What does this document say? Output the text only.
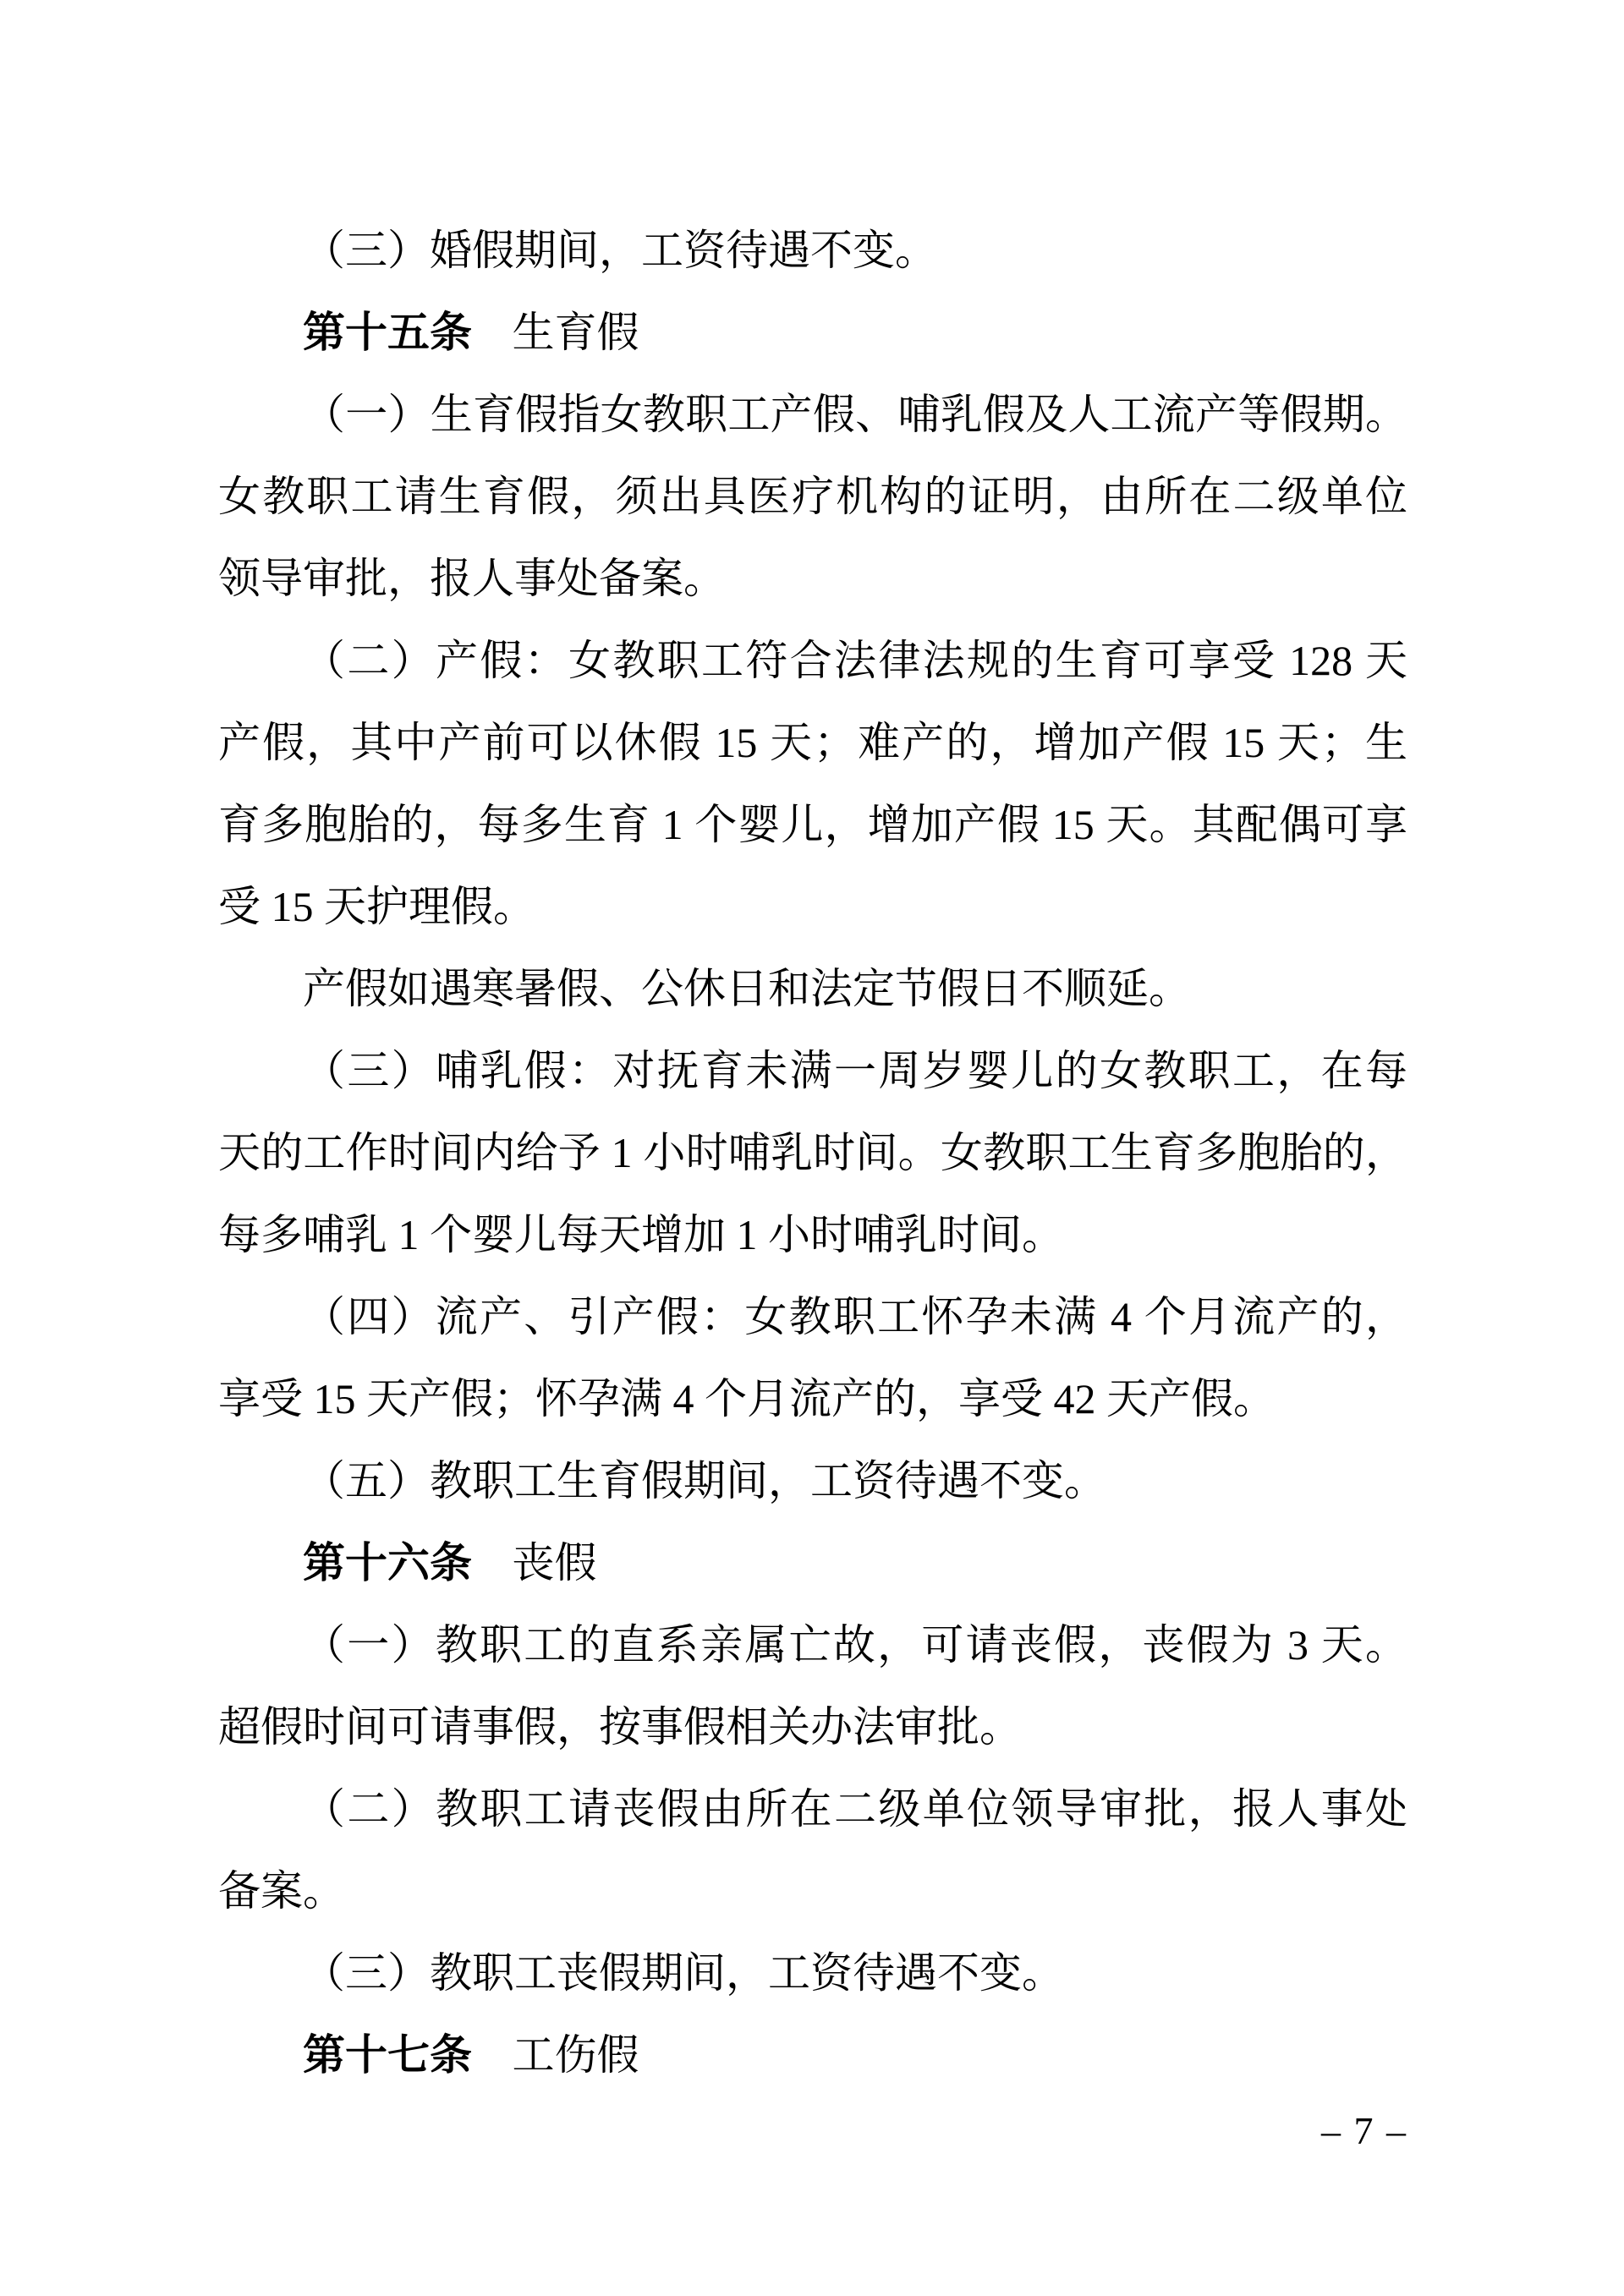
（三）婚假期间，工资待遇不变。
第十五条 生育假
（一）生育假指女教职工产假、哺乳假及人工流产等假期。
女教职工请生育假，须出具医疗机构的证明，由所在二级单位
领导审批，报人事处备案。
（二）产假：女教职工符合法律法规的生育可享受 128 天
产假，其中产前可以休假 15 天；难产的，增加产假 15 天；生
育多胞胎的，每多生育 1 个婴儿，增加产假 15 天。其配偶可享
受 15 天护理假。
产假如遇寒暑假、公休日和法定节假日不顺延。
（三）哺乳假：对抚育未满一周岁婴儿的女教职工，在每
天的工作时间内给予 1 小时哺乳时间。女教职工生育多胞胎的，
每多哺乳 1 个婴儿每天增加 1 小时哺乳时间。
（四）流产、引产假：女教职工怀孕未满 4 个月流产的，
享受 15 天产假；怀孕满 4 个月流产的，享受 42 天产假。
（五）教职工生育假期间，工资待遇不变。
第十六条 丧假
（一）教职工的直系亲属亡故，可请丧假，丧假为 3 天。
超假时间可请事假，按事假相关办法审批。
（二）教职工请丧假由所在二级单位领导审批，报人事处
备案。
（三）教职工丧假期间，工资待遇不变。
第十七条 工伤假
– 7 –
